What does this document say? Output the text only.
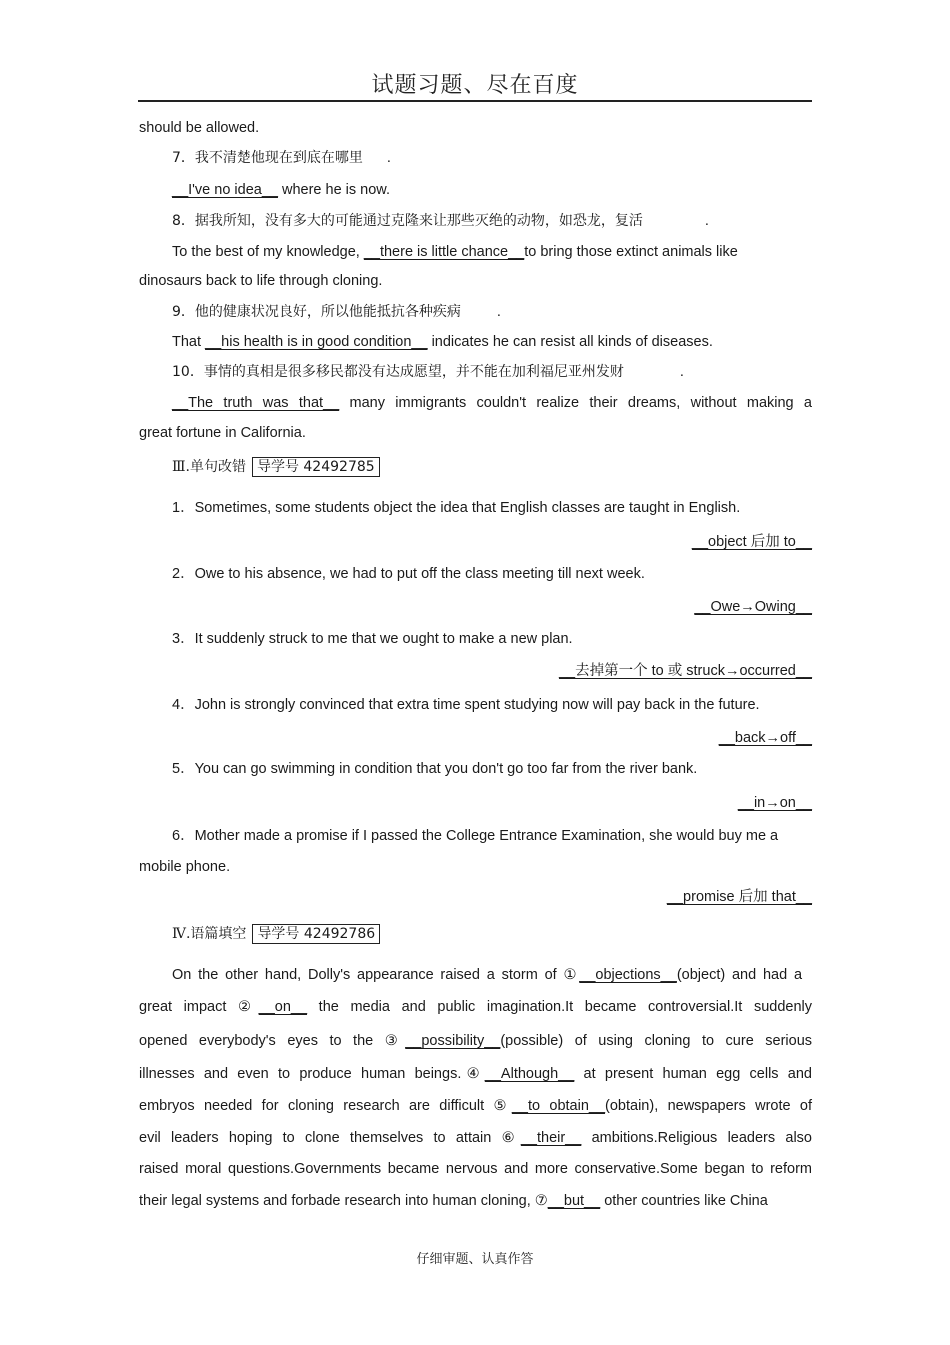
试题习题、尽在百度
should be allowed.
7．我不清楚他现在到底在哪里 .
__I've no idea__ where he is now.
8．据我所知，没有多大的可能通过克隆来让那些灭绝的动物，如恐龙，复活	.
To the best of my knowledge, __there is little chance__to bring those extinct animals like
dinosaurs back to life through cloning.
9．他的健康状况良好，所以他能抵抗各种疾病 .
That __his health is in good condition__ indicates he can resist all kinds of diseases.
10．事情的真相是很多移民都没有达成愿望，并不能在加利福尼亚州发财	.
__The truth was that__ many immigrants couldn't realize their dreams, without making a
great fortune in California.
Ⅲ.单句改错 导学号 42492785
1．Sometimes, some students object the idea that English classes are taught in English.
__object 后加 to__
2．Owe to his absence, we had to put off the class meeting till next week.
__Owe→Owing__
3．It suddenly struck to me that we ought to make a new plan.
__去掉第一个 to 或 struck→occurred__
4．John is strongly convinced that extra time spent studying now will pay back in the future.
__back→off__
5．You can go swimming in condition that you don't go too far from the river bank.
__in→on__
6．Mother made a promise if I passed the College Entrance Examination, she would buy me a
mobile phone.
__promise 后加 that__
Ⅳ.语篇填空 导学号 42492786
On the other hand, Dolly's appearance raised a storm of ①__objections__(object) and had a
great impact ②__on__ the media and public imagination.It became controversial.It suddenly
opened everybody's eyes to the ③__possibility__(possible) of using cloning to cure serious
illnesses and even to produce human beings.④__Although__ at present human egg cells and
embryos needed for cloning research are difficult ⑤__to obtain__(obtain), newspapers wrote of
evil leaders hoping to clone themselves to attain ⑥__their__ ambitions.Religious leaders also
raised moral questions.Governments became nervous and more conservative.Some began to reform
their legal systems and forbade research into human cloning, ⑦__but__ other countries like China
仔细审题、认真作答
